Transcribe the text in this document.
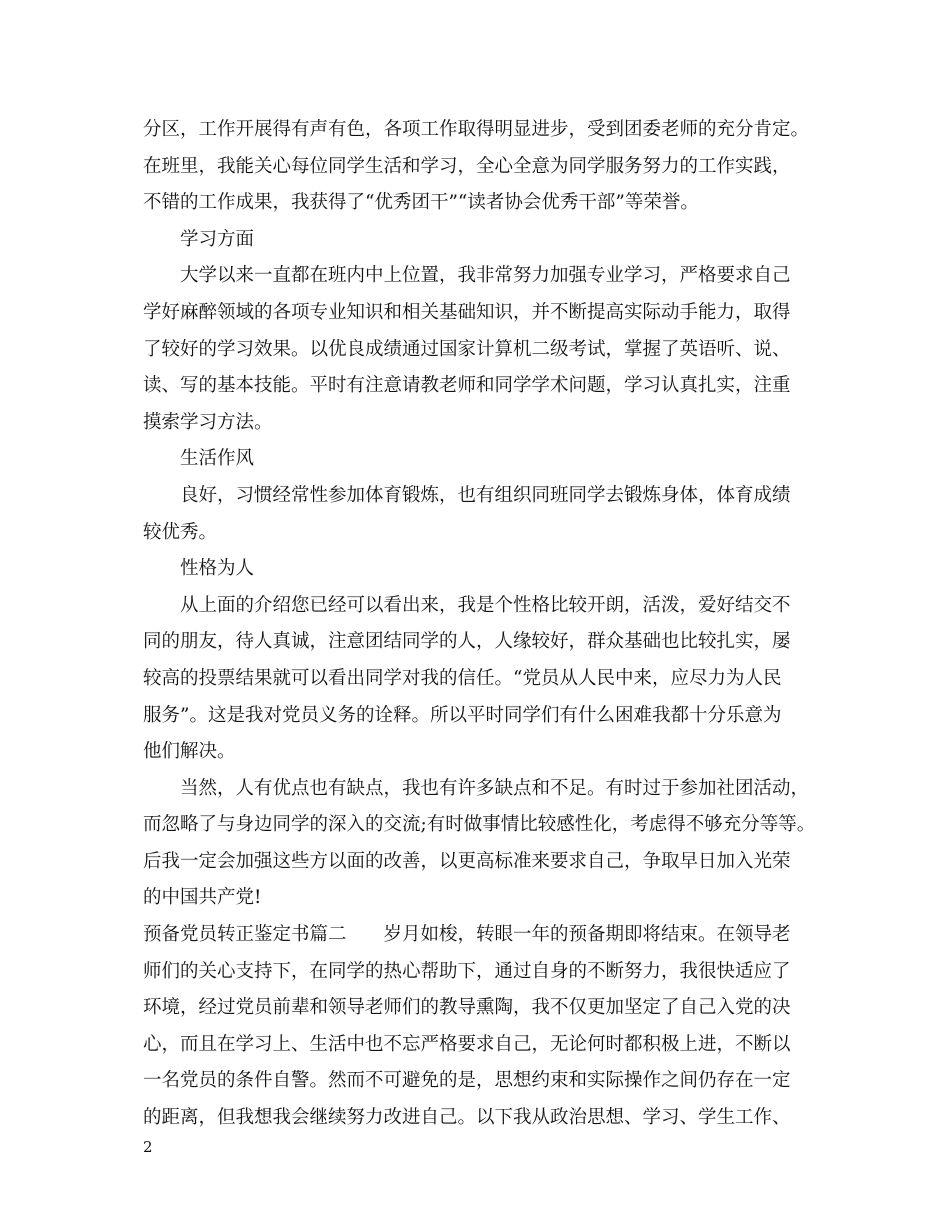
分区，工作开展得有声有色，各项工作取得明显进步，受到团委老师的充分肯定。
在班里，我能关心每位同学生活和学习，全心全意为同学服务努力的工作实践，
不错的工作成果，我获得了“优秀团干”“读者协会优秀干部”等荣誉。
学习方面
大学以来一直都在班内中上位置，我非常努力加强专业学习，严格要求自己
学好麻醉领域的各项专业知识和相关基础知识，并不断提高实际动手能力，取得
了较好的学习效果。以优良成绩通过国家计算机二级考试，掌握了英语听、说、
读、写的基本技能。平时有注意请教老师和同学学术问题，学习认真扎实，注重
摸索学习方法。
生活作风
良好，习惯经常性参加体育锻炼，也有组织同班同学去锻炼身体，体育成绩
较优秀。
性格为人
从上面的介绍您已经可以看出来，我是个性格比较开朗，活泼，爱好结交不
同的朋友，待人真诚，注意团结同学的人，人缘较好，群众基础也比较扎实，屡
较高的投票结果就可以看出同学对我的信任。“党员从人民中来，应尽力为人民
服务”。这是我对党员义务的诠释。所以平时同学们有什么困难我都十分乐意为
他们解决。
当然，人有优点也有缺点，我也有许多缺点和不足。有时过于参加社团活动，
而忽略了与身边同学的深入的交流;有时做事情比较感性化，考虑得不够充分等等。
后我一定会加强这些方以面的改善，以更高标准来要求自己，争取早日加入光荣
的中国共产党!
预备党员转正鉴定书篇二 岁月如梭，转眼一年的预备期即将结束。在领导老
师们的关心支持下，在同学的热心帮助下，通过自身的不断努力，我很快适应了
环境，经过党员前辈和领导老师们的教导熏陶，我不仅更加坚定了自己入党的决
心，而且在学习上、生活中也不忘严格要求自己，无论何时都积极上进，不断以
一名党员的条件自警。然而不可避免的是，思想约束和实际操作之间仍存在一定
的距离，但我想我会继续努力改进自己。以下我从政治思想、学习、学生工作、
2
